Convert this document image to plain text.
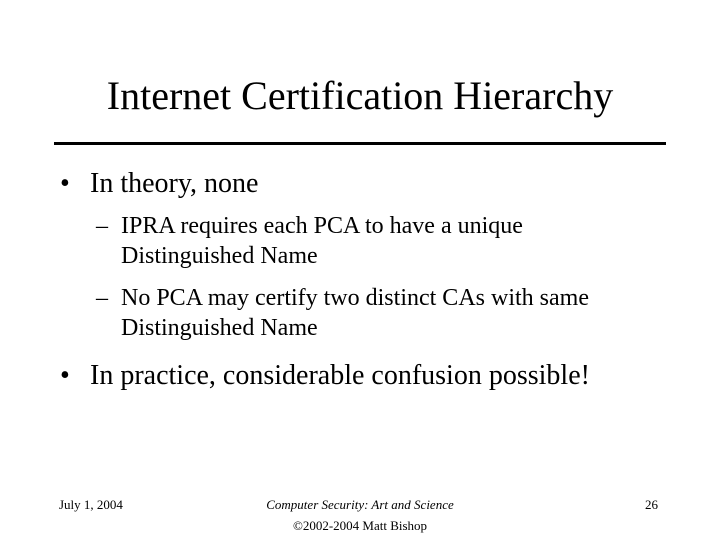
Internet Certification Hierarchy
• In theory, none
– IPRA requires each PCA to have a unique Distinguished Name
– No PCA may certify two distinct CAs with same Distinguished Name
• In practice, considerable confusion possible!
July 1, 2004	Computer Security: Art and Science
©2002-2004 Matt Bishop
26
